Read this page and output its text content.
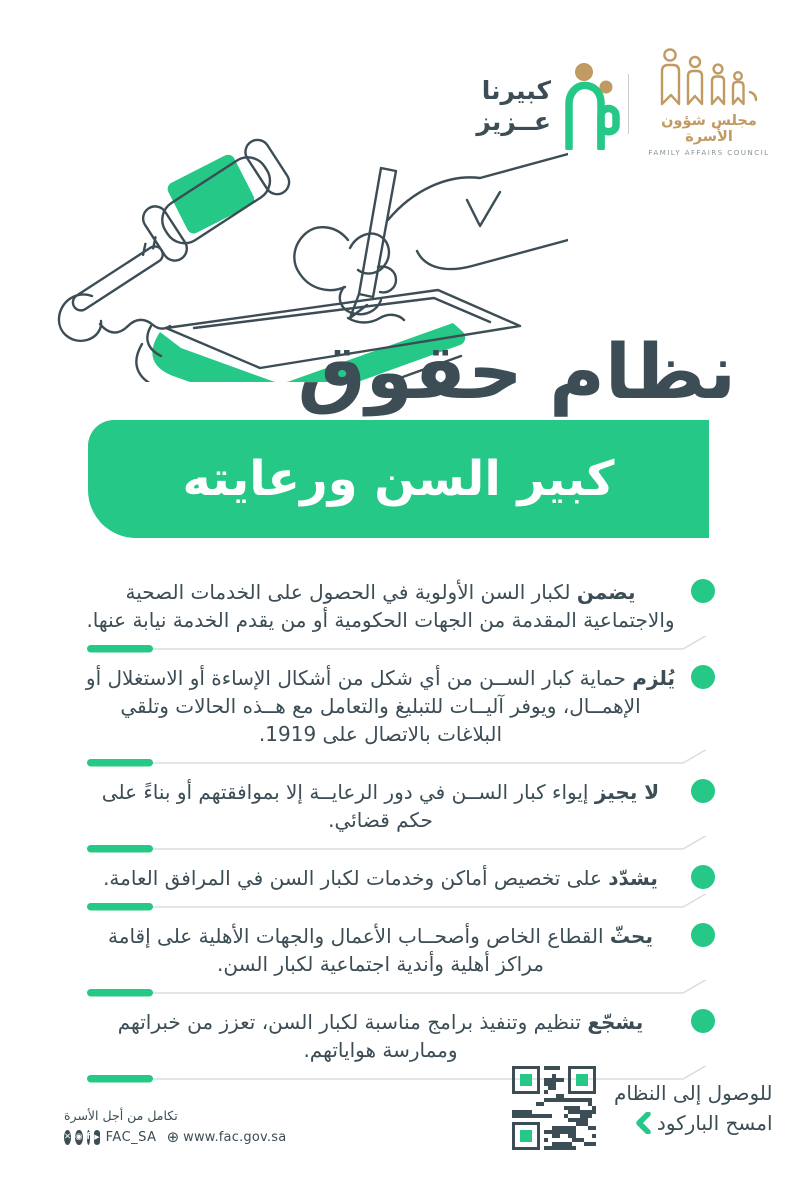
كبيرنا
عــزيز	مجلس شؤون الأسرة
FAMILY AFFAIRS COUNCIL
نظام حقوق
كبير السن ورعايته

يضمن لكبار السن الأولوية في الحصول على الخدمات الصحية والاجتماعية المقدمة من الجهات الحكومية أو من يقدم الخدمة نيابة عنها.

يُلزم حماية كبار الســن من أي شكل من أشكال الإساءة أو الاستغلال أو الإهمــال، ويوفر آليــات للتبليغ والتعامل مع هــذه الحالات وتلقي البلاغات بالاتصال على 1919.

لا يجيز إيواء كبار الســن في دور الرعايــة إلا بموافقتهم أو بناءً على حكم قضائي.

يشدّد على تخصيص أماكن وخدمات لكبار السن في المرافق العامة.

يحثّ القطاع الخاص وأصحــاب الأعمال والجهات الأهلية على إقامة مراكز أهلية وأندية اجتماعية لكبار السن.

يشجّع تنظيم وتنفيذ برامج مناسبة لكبار السن، تعزز من خبراتهم وممارسة هواياتهم.

للوصول إلى النظام
امسح الباركود
تكامل من أجل الأسرة
✕ ◉ f ▶ FAC_SA ⊕ www.fac.gov.sa
